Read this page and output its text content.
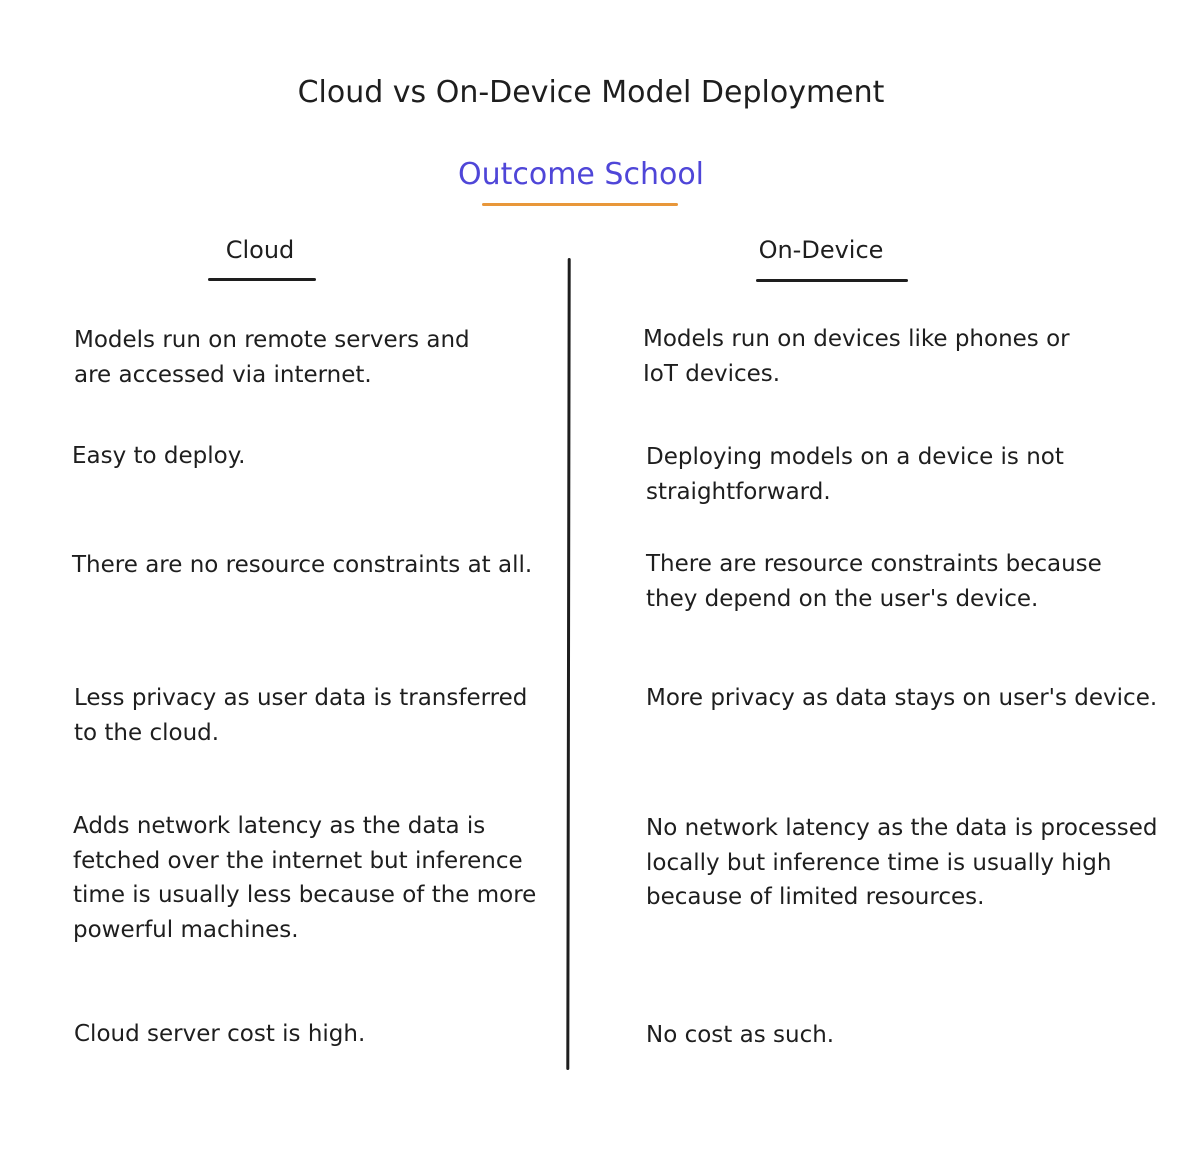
Cloud vs On-Device Model Deployment
Outcome School
Cloud	On-Device
Models run on remote servers and
are accessed via internet.
Easy to deploy.
There are no resource constraints at all.
Less privacy as user data is transferred
to the cloud.
Adds network latency as the data is
fetched over the internet but inference
time is usually less because of the more
powerful machines.
Cloud server cost is high.
Models run on devices like phones or
IoT devices.
Deploying models on a device is not
straightforward.
There are resource constraints because
they depend on the user's device.
More privacy as data stays on user's device.
No network latency as the data is processed
locally but inference time is usually high
because of limited resources.
No cost as such.
